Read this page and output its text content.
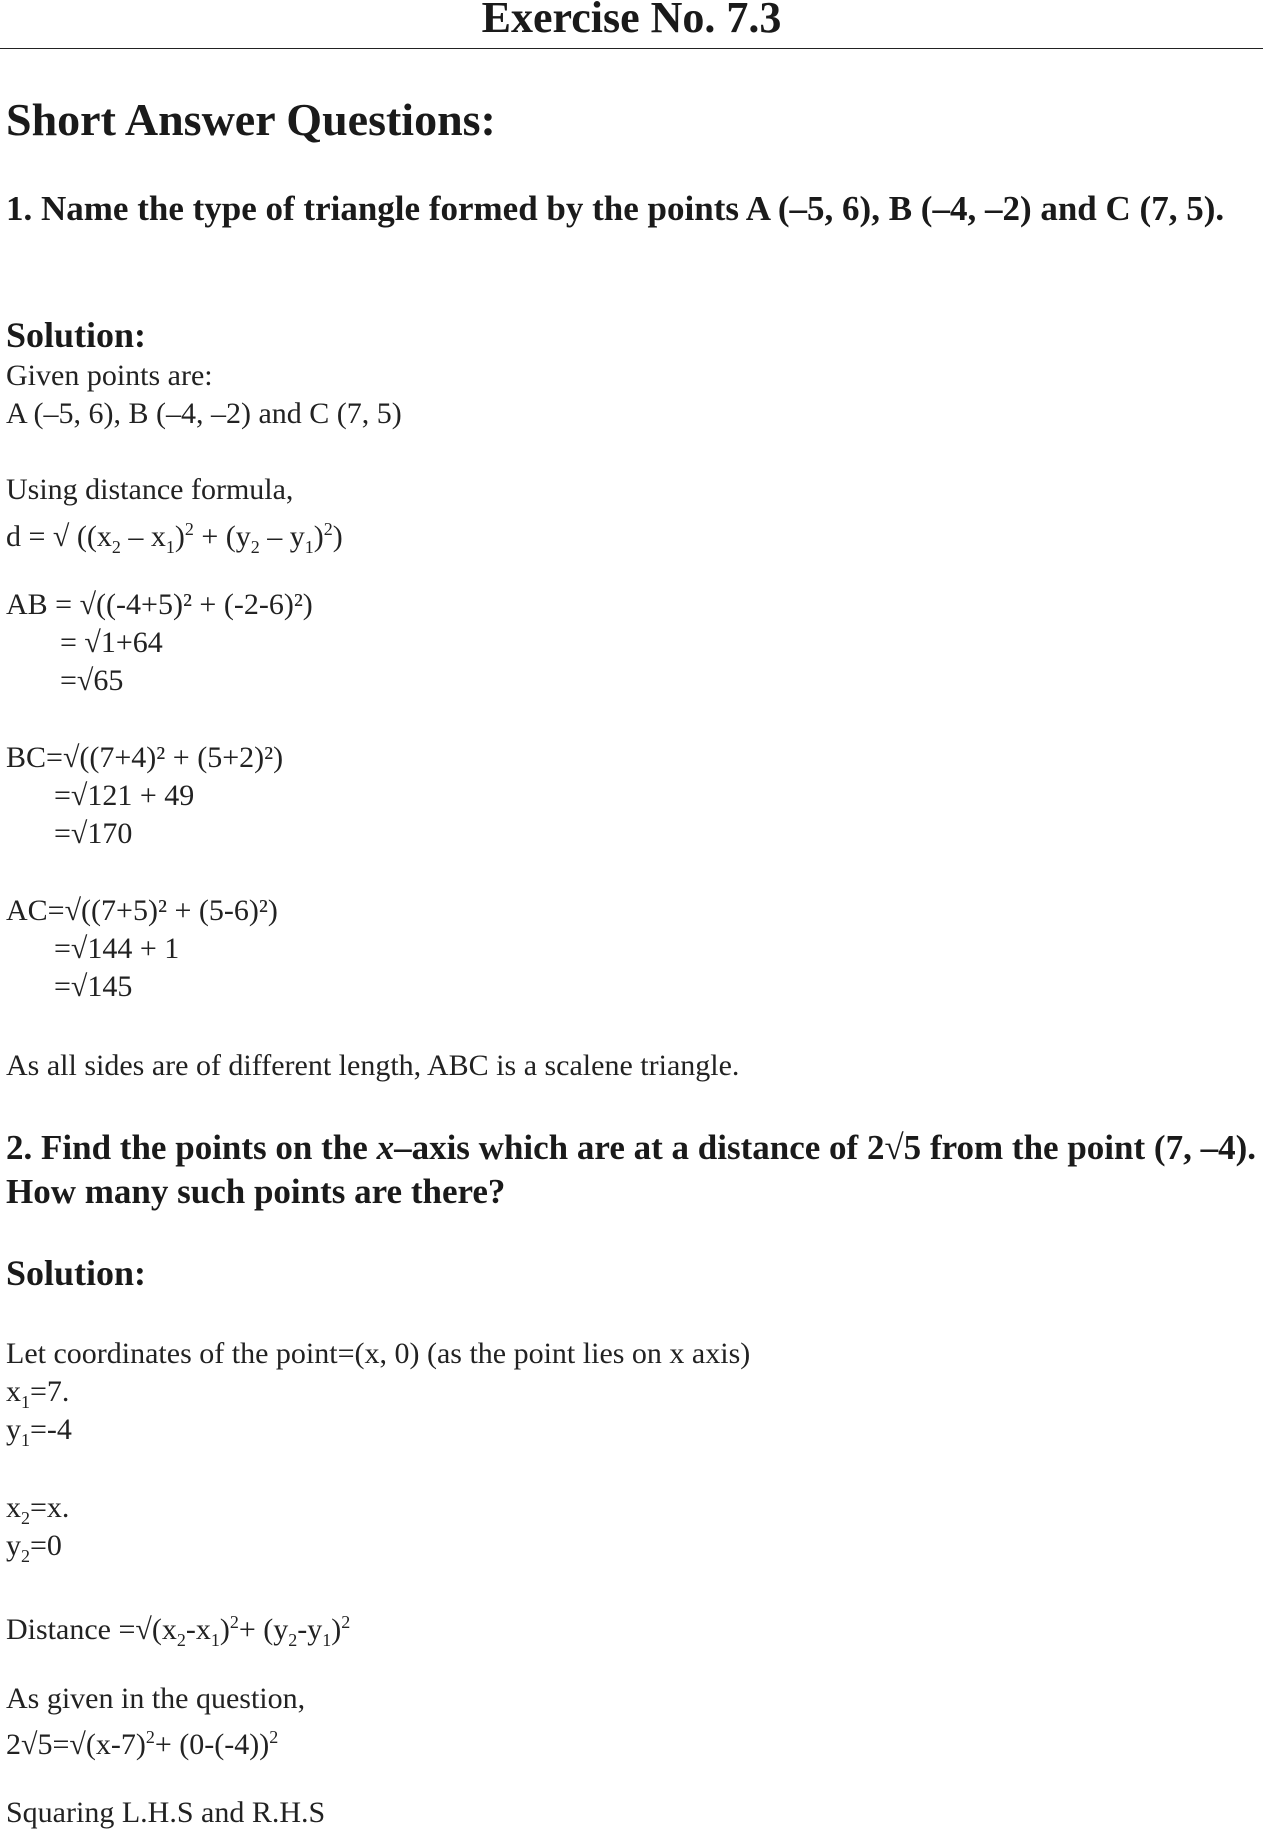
Exercise No. 7.3
Short Answer Questions:
1. Name the type of triangle formed by the points A (–5, 6), B (–4, –2) and C (7, 5).
Solution:
Given points are:
A (–5, 6), B (–4, –2) and C (7, 5)
Using distance formula,
d = √ $((x_2 - x_1)^2 + (y_2 - y_1)^2)$
AB = √((-4+5)² + (-2-6)²)
= √1+64
=√65
BC=√((7+4)² + (5+2)²)
=√121 + 49
=√170
AC=√((7+5)² + (5-6)²)
=√144 + 1
=√145
As all sides are of different length, ABC is a scalene triangle.
2. Find the points on the x–axis which are at a distance of 2√5 from the point (7, –4). How many such points are there?
Solution:
Let coordinates of the point=(x, 0) (as the point lies on x axis)
$x_1=7$.
$y_1=-4$
$x_2=x$.
$y_2=0$
Distance $=√(x_2-x_1)^2+ (y_2-y_1)^2$
As given in the question,
$2√5=√(x-7)^2+ (0-(-4))^2$
Squaring L.H.S and R.H.S
